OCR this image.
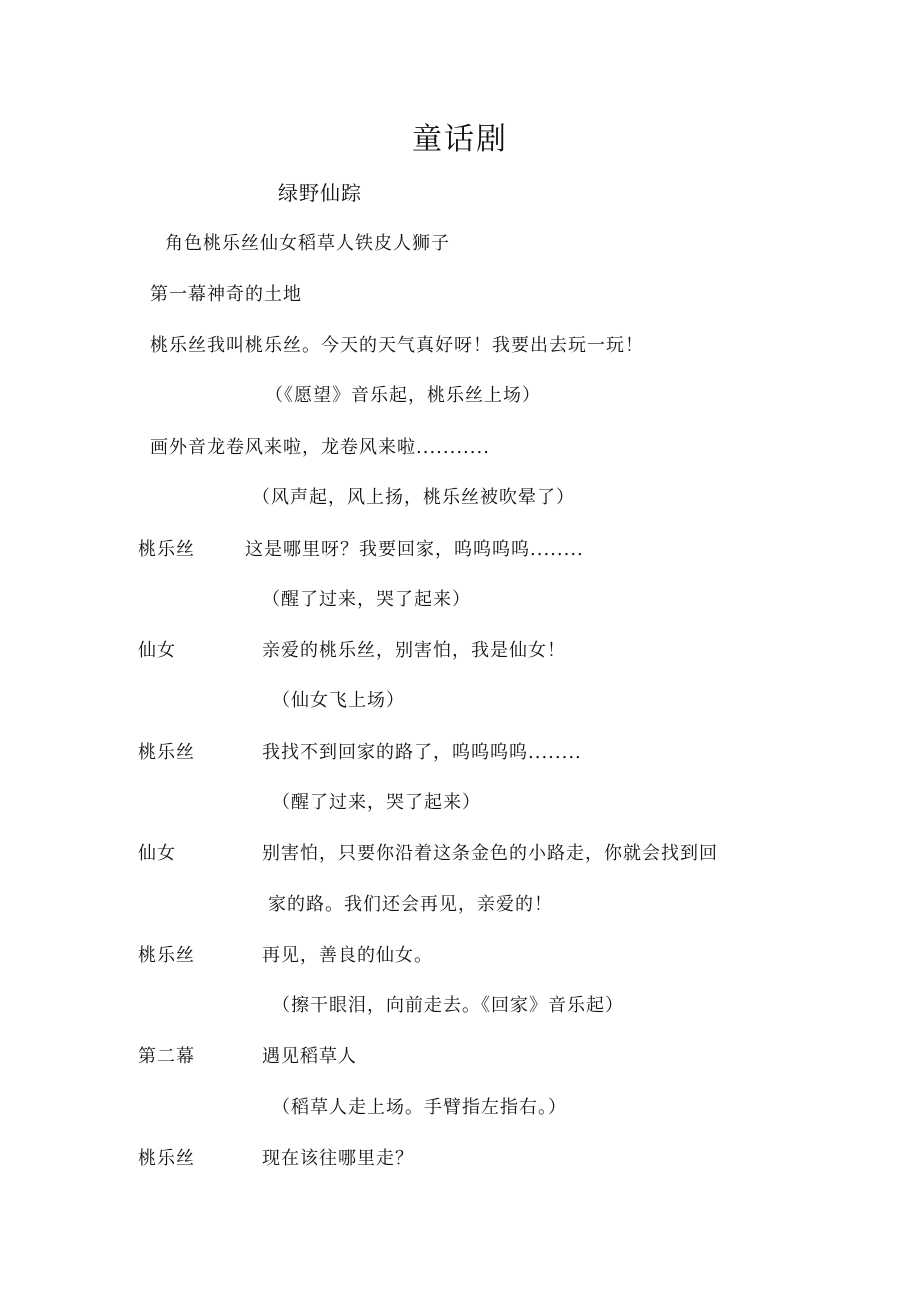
童话剧
绿野仙踪
角色桃乐丝仙女稻草人铁皮人狮子
第一幕神奇的土地
桃乐丝我叫桃乐丝。今天的天气真好呀！我要出去玩一玩！
（《愿望》音乐起，桃乐丝上场）
画外音龙卷风来啦，龙卷风来啦...........
（风声起，风上扬，桃乐丝被吹晕了）
桃乐丝	这是哪里呀？我要回家，呜呜呜呜........
（醒了过来，哭了起来）
仙女	亲爱的桃乐丝，别害怕，我是仙女！
（仙女飞上场）
桃乐丝	我找不到回家的路了，呜呜呜呜........
（醒了过来，哭了起来）
仙女	别害怕，只要你沿着这条金色的小路走，你就会找到回
家的路。我们还会再见，亲爱的！
桃乐丝	再见，善良的仙女。
（擦干眼泪，向前走去。《回家》音乐起）
第二幕	遇见稻草人
（稻草人走上场。手臂指左指右。）
桃乐丝	现在该往哪里走？
